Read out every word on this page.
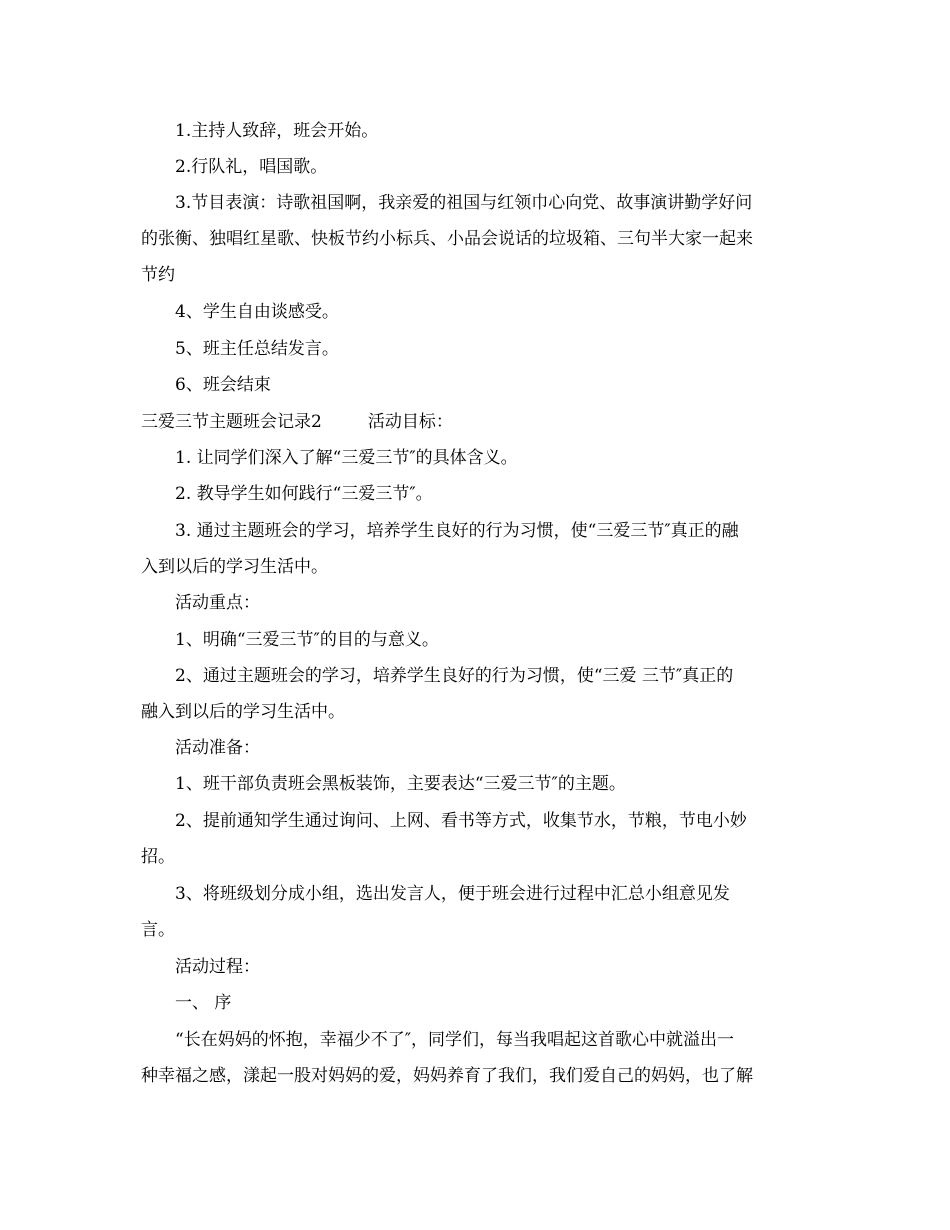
1.主持人致辞，班会开始。
2.行队礼，唱国歌。
3.节目表演：诗歌祖国啊，我亲爱的祖国与红领巾心向党、故事演讲勤学好问
的张衡、独唱红星歌、快板节约小标兵、小品会说话的垃圾箱、三句半大家一起来
节约
4、学生自由谈感受。
5、班主任总结发言。
6、班会结束
三爱三节主题班会记录2	活动目标：
1. 让同学们深入了解“三爱三节″的具体含义。
2. 教导学生如何践行“三爱三节″。
3. 通过主题班会的学习，培养学生良好的行为习惯，使“三爱三节″真正的融
入到以后的学习生活中。
活动重点：
1、明确“三爱三节″的目的与意义。
2、通过主题班会的学习，培养学生良好的行为习惯，使“三爱 三节″真正的
融入到以后的学习生活中。
活动准备：
1、班干部负责班会黑板装饰，主要表达“三爱三节″的主题。
2、提前通知学生通过询问、上网、看书等方式，收集节水，节粮，节电小妙
招。
3、将班级划分成小组，选出发言人，便于班会进行过程中汇总小组意见发
言。
活动过程：
一、 序
“长在妈妈的怀抱，幸福少不了″，同学们，每当我唱起这首歌心中就溢出一
种幸福之感，漾起一股对妈妈的爱，妈妈养育了我们，我们爱自己的妈妈，也了解
